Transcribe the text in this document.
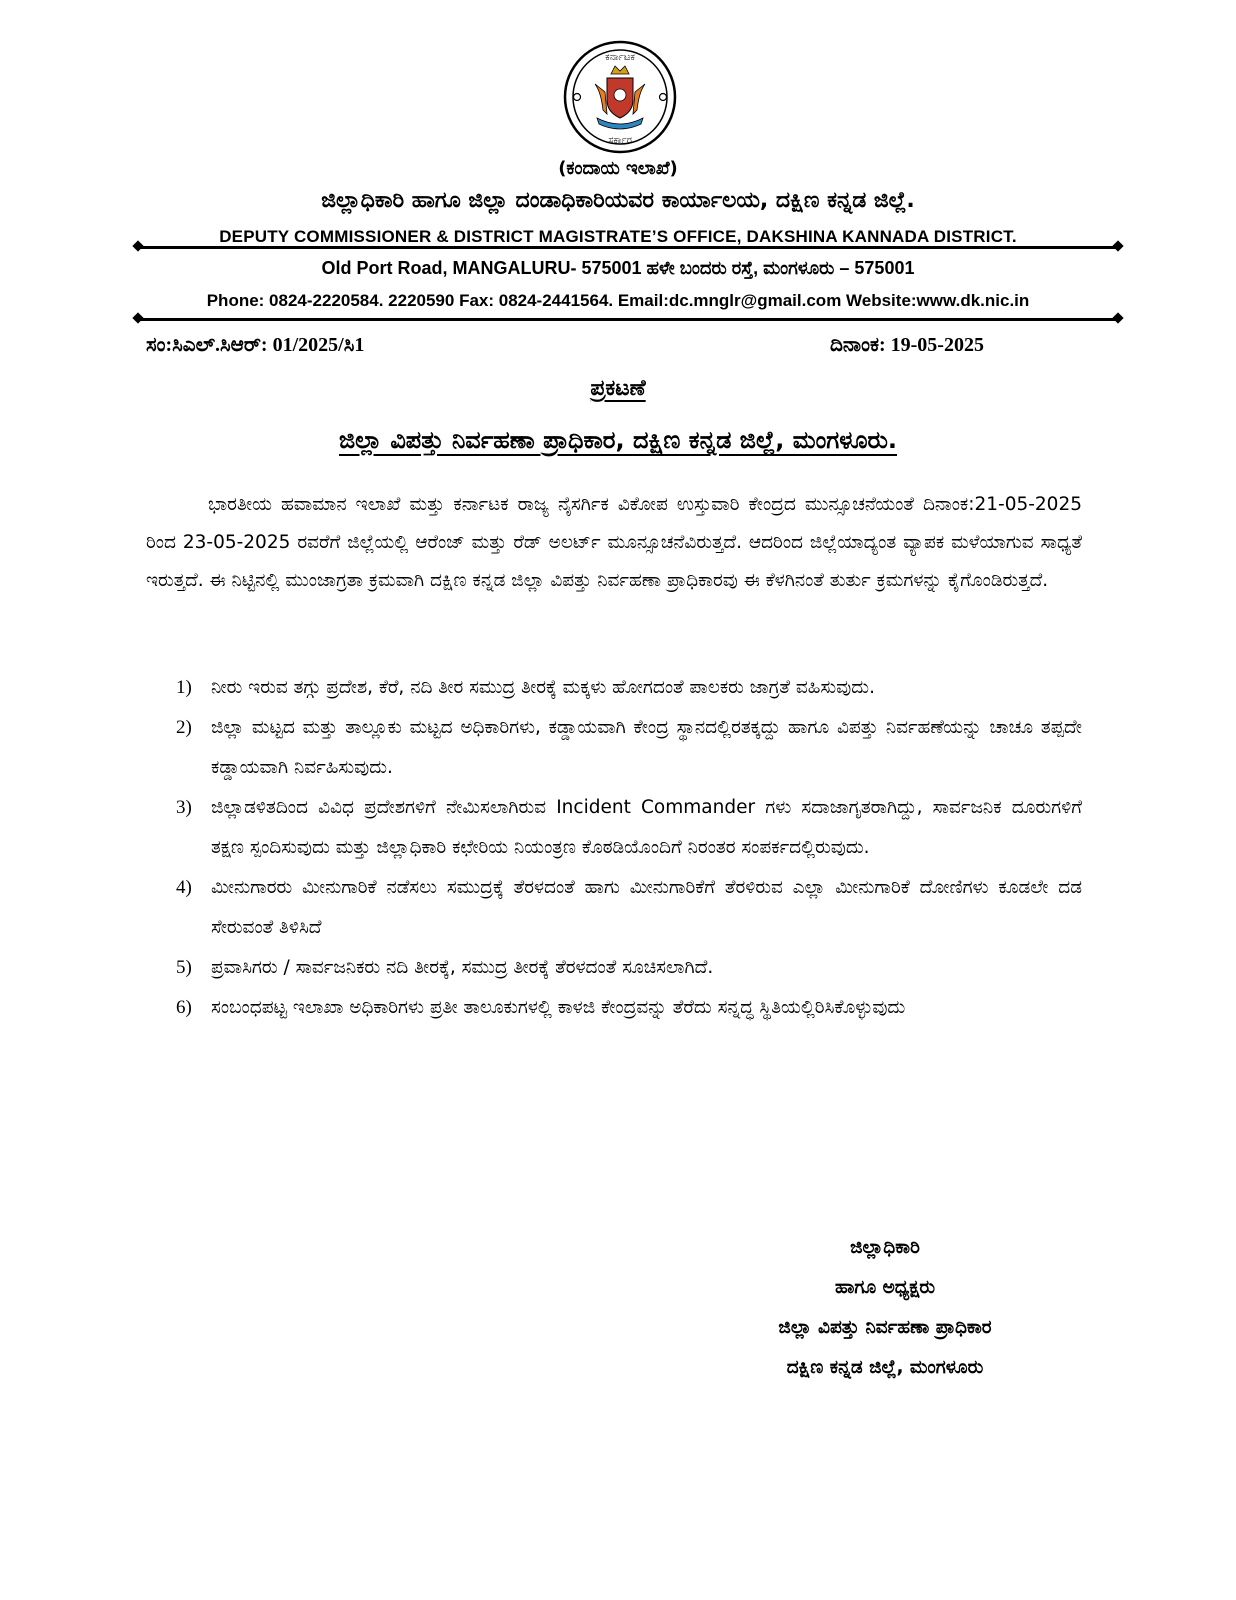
ಕರ್ನಾಟಕ
ಸರ್ಕಾರ
(ಕಂದಾಯ ಇಲಾಖೆ)
ಜಿಲ್ಲಾಧಿಕಾರಿ ಹಾಗೂ ಜಿಲ್ಲಾ ದಂಡಾಧಿಕಾರಿಯವರ ಕಾರ್ಯಾಲಯ, ದಕ್ಷಿಣ ಕನ್ನಡ ಜಿಲ್ಲೆ.
DEPUTY COMMISSIONER & DISTRICT MAGISTRATE’S OFFICE, DAKSHINA KANNADA DISTRICT.
Old Port Road, MANGALURU- 575001 ಹಳೇ ಬಂದರು ರಸ್ತೆ, ಮಂಗಳೂರು – 575001
Phone: 0824-2220584. 2220590 Fax: 0824-2441564. Email:dc.mnglr@gmail.com Website:www.dk.nic.in
ಸಂ:ಸಿಎಲ್.ಸಿಆರ್: 01/2025/ಸಿ1	ದಿನಾಂಕ: 19-05-2025
ಪ್ರಕಟಣೆ
ಜಿಲ್ಲಾ ವಿಪತ್ತು ನಿರ್ವಹಣಾ ಪ್ರಾಧಿಕಾರ, ದಕ್ಷಿಣ ಕನ್ನಡ ಜಿಲ್ಲೆ, ಮಂಗಳೂರು.
ಭಾರತೀಯ ಹವಾಮಾನ ಇಲಾಖೆ ಮತ್ತು ಕರ್ನಾಟಕ ರಾಜ್ಯ ನೈಸರ್ಗಿಕ ವಿಕೋಪ ಉಸ್ತುವಾರಿ ಕೇಂದ್ರದ ಮುನ್ಸೂಚನೆಯಂತೆ ದಿನಾಂಕ:21-05-2025 ರಿಂದ 23-05-2025 ರವರೆಗೆ ಜಿಲ್ಲೆಯಲ್ಲಿ ಆರೆಂಜ್ ಮತ್ತು ರೆಡ್ ಅಲರ್ಟ್ ಮೂನ್ಸೂಚನೆವಿರುತ್ತದೆ. ಆದರಿಂದ ಜಿಲ್ಲೆಯಾದ್ಯಂತ ವ್ಯಾಪಕ ಮಳೆಯಾಗುವ ಸಾಧ್ಯತೆ ಇರುತ್ತದೆ. ಈ ನಿಟ್ಟಿನಲ್ಲಿ ಮುಂಜಾಗ್ರತಾ ಕ್ರಮವಾಗಿ ದಕ್ಷಿಣ ಕನ್ನಡ ಜಿಲ್ಲಾ ವಿಪತ್ತು ನಿರ್ವಹಣಾ ಪ್ರಾಧಿಕಾರವು ಈ ಕೆಳಗಿನಂತೆ ತುರ್ತು ಕ್ರಮಗಳನ್ನು ಕೈಗೊಂಡಿರುತ್ತದೆ.
1) ನೀರು ಇರುವ ತಗ್ಗು ಪ್ರದೇಶ, ಕೆರೆ, ನದಿ ತೀರ ಸಮುದ್ರ ತೀರಕ್ಕೆ ಮಕ್ಕಳು ಹೋಗದಂತೆ ಪಾಲಕರು ಜಾಗ್ರತೆ ವಹಿಸುವುದು.
2) ಜಿಲ್ಲಾ ಮಟ್ಟದ ಮತ್ತು ತಾಲ್ಲೂಕು ಮಟ್ಟದ ಅಧಿಕಾರಿಗಳು, ಕಡ್ಡಾಯವಾಗಿ ಕೇಂದ್ರ ಸ್ಥಾನದಲ್ಲಿರತಕ್ಕದ್ದು ಹಾಗೂ ವಿಪತ್ತು ನಿರ್ವಹಣೆಯನ್ನು ಚಾಚೂ ತಪ್ಪದೇ ಕಡ್ಡಾಯವಾಗಿ ನಿರ್ವಹಿಸುವುದು.
3) ಜಿಲ್ಲಾಡಳಿತದಿಂದ ವಿವಿಧ ಪ್ರದೇಶಗಳಿಗೆ ನೇಮಿಸಲಾಗಿರುವ Incident Commander ಗಳು ಸದಾಜಾಗೃತರಾಗಿದ್ದು, ಸಾರ್ವಜನಿಕ ದೂರುಗಳಿಗೆ ತಕ್ಷಣ ಸ್ಪಂದಿಸುವುದು ಮತ್ತು ಜಿಲ್ಲಾಧಿಕಾರಿ ಕಛೇರಿಯ ನಿಯಂತ್ರಣ ಕೊಠಡಿಯೊಂದಿಗೆ ನಿರಂತರ ಸಂಪರ್ಕದಲ್ಲಿರುವುದು.
4) ಮೀನುಗಾರರು ಮೀನುಗಾರಿಕೆ ನಡೆಸಲು ಸಮುದ್ರಕ್ಕೆ ತೆರಳದಂತೆ ಹಾಗು ಮೀನುಗಾರಿಕೆಗೆ ತೆರಳಿರುವ ಎಲ್ಲಾ ಮೀನುಗಾರಿಕೆ ದೋಣಿಗಳು ಕೂಡಲೇ ದಡ ಸೇರುವಂತೆ ತಿಳಿಸಿದೆ
5) ಪ್ರವಾಸಿಗರು / ಸಾರ್ವಜನಿಕರು ನದಿ ತೀರಕ್ಕೆ, ಸಮುದ್ರ ತೀರಕ್ಕೆ ತೆರಳದಂತೆ ಸೂಚಿಸಲಾಗಿದೆ.
6) ಸಂಬಂಧಪಟ್ಟ ಇಲಾಖಾ ಅಧಿಕಾರಿಗಳು ಪ್ರತೀ ತಾಲೂಕುಗಳಲ್ಲಿ ಕಾಳಜಿ ಕೇಂದ್ರವನ್ನು ತೆರೆದು ಸನ್ನದ್ಧ ಸ್ಥಿತಿಯಲ್ಲಿರಿಸಿಕೊಳ್ಳುವುದು
ಜಿಲ್ಲಾಧಿಕಾರಿ
ಹಾಗೂ ಅಧ್ಯಕ್ಷರು
ಜಿಲ್ಲಾ ವಿಪತ್ತು ನಿರ್ವಹಣಾ ಪ್ರಾಧಿಕಾರ
ದಕ್ಷಿಣ ಕನ್ನಡ ಜಿಲ್ಲೆ, ಮಂಗಳೂರು
